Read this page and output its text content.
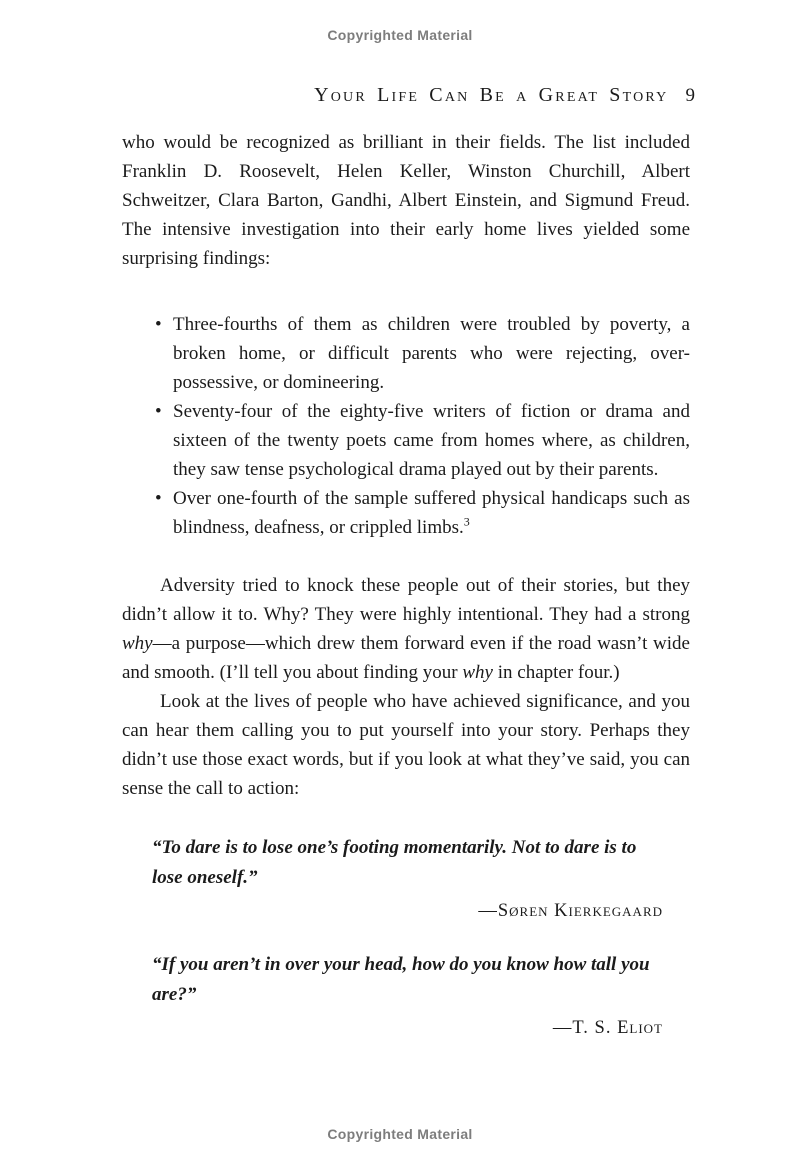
Copyrighted Material
Your Life Can Be a Great Story 9

who would be recognized as brilliant in their fields. The list included Franklin D. Roosevelt, Helen Keller, Winston Churchill, Albert Schweitzer, Clara Barton, Gandhi, Albert Einstein, and Sigmund Freud. The intensive investigation into their early home lives yielded some surprising findings:

• Three-fourths of them as children were troubled by poverty, a broken home, or difficult parents who were rejecting, over-possessive, or domineering.
• Seventy-four of the eighty-five writers of fiction or drama and sixteen of the twenty poets came from homes where, as children, they saw tense psychological drama played out by their parents.
• Over one-fourth of the sample suffered physical handicaps such as blindness, deafness, or crippled limbs.$^3$

Adversity tried to knock these people out of their stories, but they didn’t allow it to. Why? They were highly intentional. They had a strong why—a purpose—which drew them forward even if the road wasn’t wide and smooth. (I’ll tell you about finding your why in chapter four.)

Look at the lives of people who have achieved significance, and you can hear them calling you to put yourself into your story. Perhaps they didn’t use those exact words, but if you look at what they’ve said, you can sense the call to action:

“To dare is to lose one’s footing momentarily. Not to dare is to lose oneself.”

—Søren Kierkegaard

“If you aren’t in over your head, how do you know how tall you are?”

—T. S. Eliot
Copyrighted Material
